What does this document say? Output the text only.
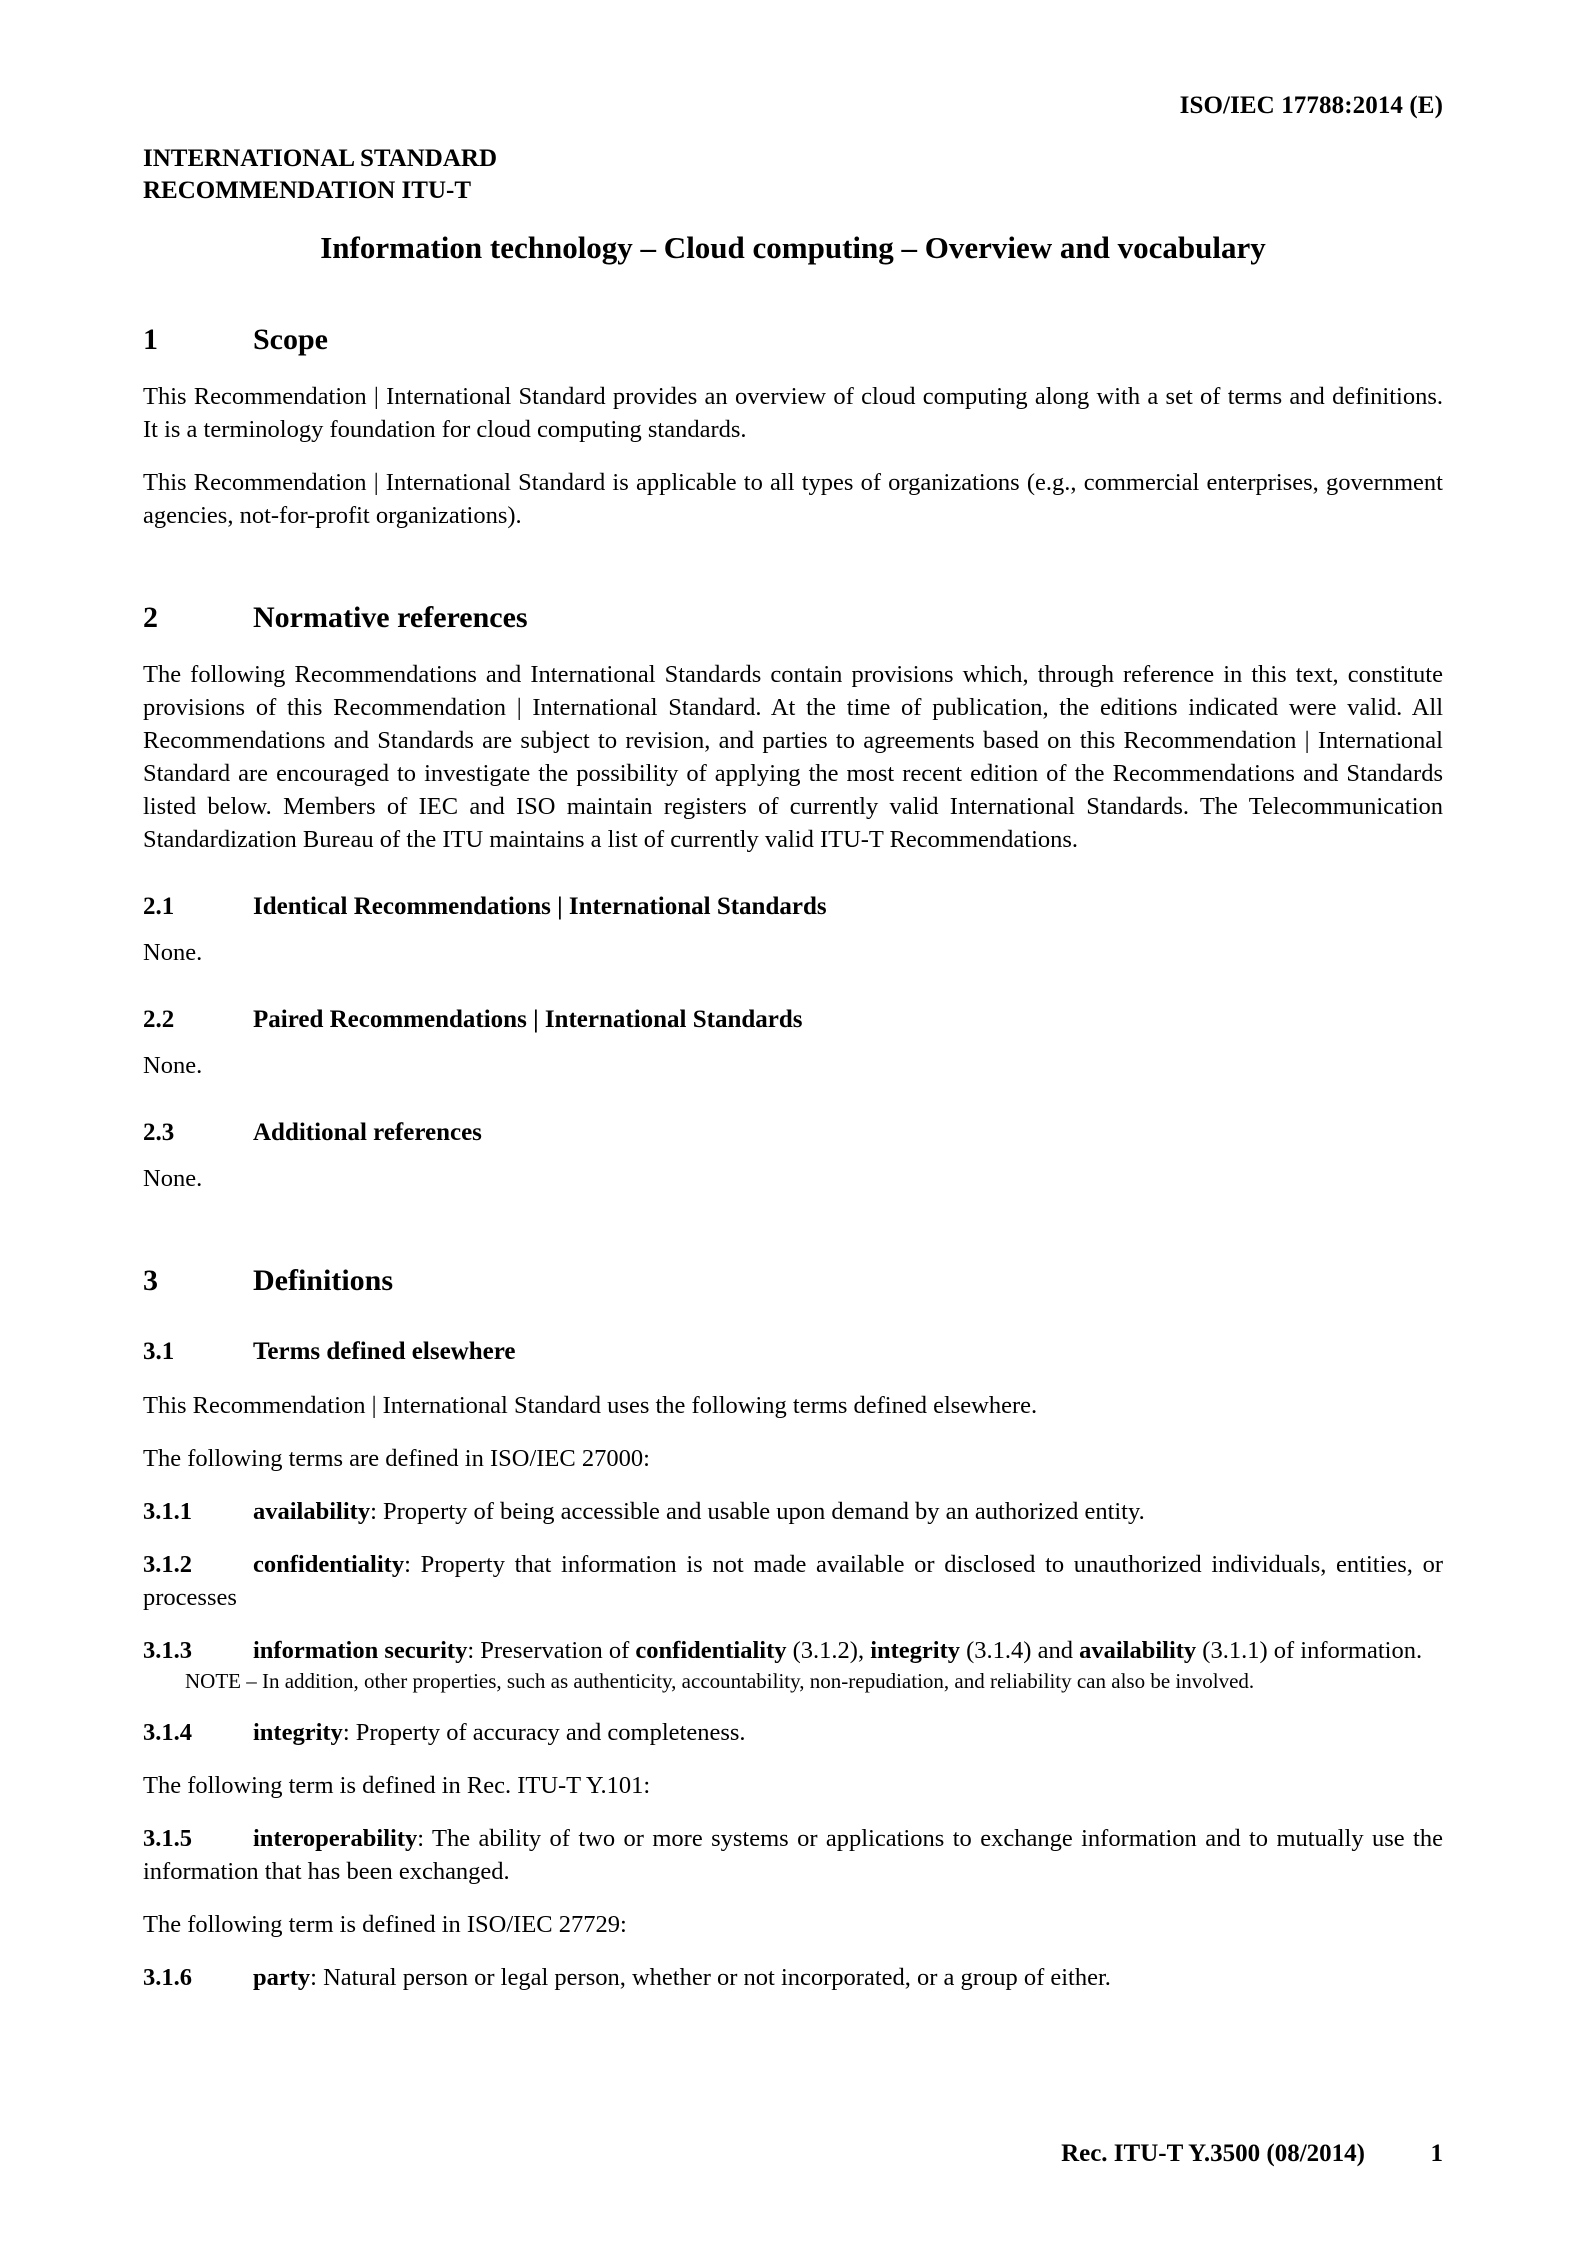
ISO/IEC 17788:2014 (E)
INTERNATIONAL STANDARD
RECOMMENDATION ITU-T
Information technology – Cloud computing – Overview and vocabulary
1	Scope

This Recommendation | International Standard provides an overview of cloud computing along with a set of terms and definitions. It is a terminology foundation for cloud computing standards.

This Recommendation | International Standard is applicable to all types of organizations (e.g., commercial enterprises, government agencies, not-for-profit organizations).

2	Normative references

The following Recommendations and International Standards contain provisions which, through reference in this text, constitute provisions of this Recommendation | International Standard. At the time of publication, the editions indicated were valid. All Recommendations and Standards are subject to revision, and parties to agreements based on this Recommendation | International Standard are encouraged to investigate the possibility of applying the most recent edition of the Recommendations and Standards listed below. Members of IEC and ISO maintain registers of currently valid International Standards. The Telecommunication Standardization Bureau of the ITU maintains a list of currently valid ITU-T Recommendations.

2.1	Identical Recommendations | International Standards

None.

2.2	Paired Recommendations | International Standards

None.

2.3	Additional references

None.

3	Definitions
3.1	Terms defined elsewhere

This Recommendation | International Standard uses the following terms defined elsewhere.

The following terms are defined in ISO/IEC 27000:

3.1.1 availability: Property of being accessible and usable upon demand by an authorized entity.

3.1.2 confidentiality: Property that information is not made available or disclosed to unauthorized individuals, entities, or processes

3.1.3 information security: Preservation of confidentiality (3.1.2), integrity (3.1.4) and availability (3.1.1) of information.

NOTE – In addition, other properties, such as authenticity, accountability, non-repudiation, and reliability can also be involved.

3.1.4 integrity: Property of accuracy and completeness.

The following term is defined in Rec. ITU-T Y.101:

3.1.5 interoperability: The ability of two or more systems or applications to exchange information and to mutually use the information that has been exchanged.

The following term is defined in ISO/IEC 27729:

3.1.6 party: Natural person or legal person, whether or not incorporated, or a group of either.

Rec. ITU-T Y.3500 (08/2014)	1
